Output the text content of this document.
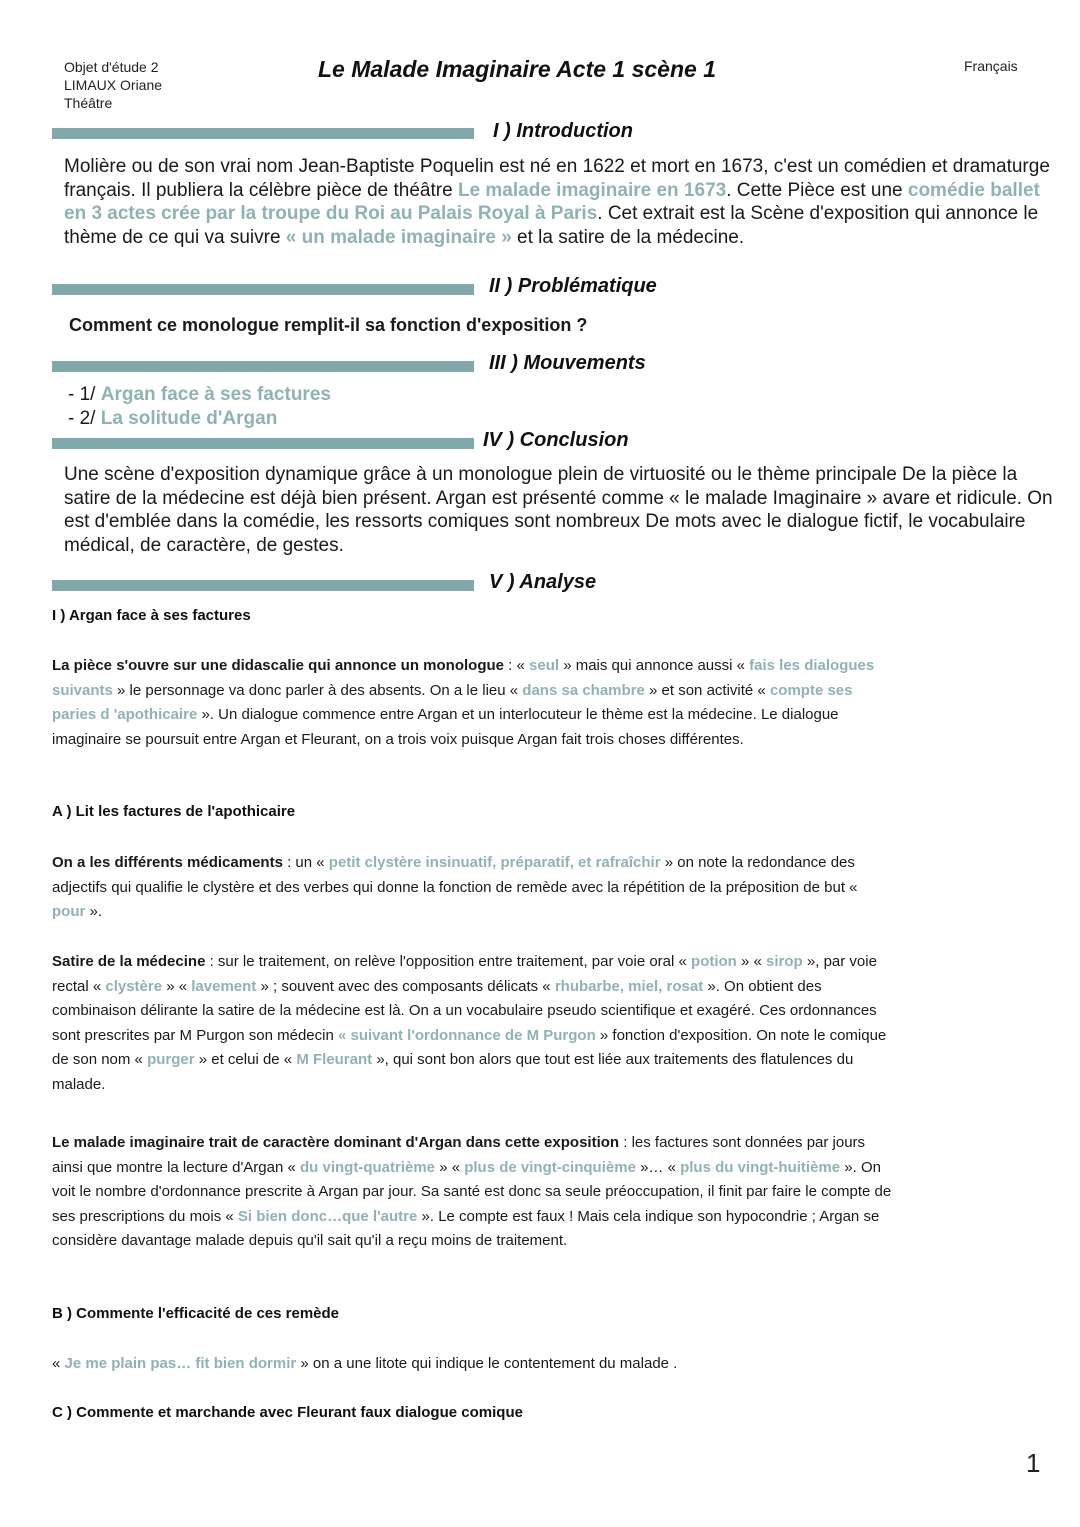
Objet d'étude 2
LIMAUX Oriane
Théâtre
Le Malade Imaginaire Acte 1 scène 1	Français
I ) Introduction
Molière ou de son vrai nom Jean-Baptiste Poquelin est né en 1622 et mort en 1673, c'est un comédien et dramaturge français. Il publiera la célèbre pièce de théâtre Le malade imaginaire en 1673. Cette Pièce est une comédie ballet en 3 actes crée par la troupe du Roi au Palais Royal à Paris. Cet extrait est la Scène d'exposition qui annonce le thème de ce qui va suivre « un malade imaginaire » et la satire de la médecine.
II ) Problématique
Comment ce monologue remplit-il sa fonction d'exposition ?
III ) Mouvements
- 1/ Argan face à ses factures
- 2/ La solitude d'Argan
IV ) Conclusion
Une scène d'exposition dynamique grâce à un monologue plein de virtuosité ou le thème principale De la pièce la satire de la médecine est déjà bien présent. Argan est présenté comme « le malade Imaginaire » avare et ridicule. On est d'emblée dans la comédie, les ressorts comiques sont nombreux De mots avec le dialogue fictif, le vocabulaire médical, de caractère, de gestes.
V ) Analyse
I ) Argan face à ses factures
La pièce s'ouvre sur une didascalie qui annonce un monologue : « seul » mais qui annonce aussi « fais les dialogues suivants » le personnage va donc parler à des absents. On a le lieu « dans sa chambre » et son activité « compte ses paries d 'apothicaire ». Un dialogue commence entre Argan et un interlocuteur le thème est la médecine. Le dialogue imaginaire se poursuit entre Argan et Fleurant, on a trois voix puisque Argan fait trois choses différentes.
A ) Lit les factures de l'apothicaire
On a les différents médicaments : un « petit clystère insinuatif, préparatif, et rafraîchir » on note la redondance des adjectifs qui qualifie le clystère et des verbes qui donne la fonction de remède avec la répétition de la préposition de but « pour ».
Satire de la médecine : sur le traitement, on relève l'opposition entre traitement, par voie oral « potion » « sirop », par voie rectal « clystère » « lavement » ; souvent avec des composants délicats « rhubarbe, miel, rosat ». On obtient des combinaison délirante la satire de la médecine est là. On a un vocabulaire pseudo scientifique et exagéré. Ces ordonnances sont prescrites par M Purgon son médecin « suivant l'ordonnance de M Purgon » fonction d'exposition. On note le comique de son nom « purger » et celui de « M Fleurant », qui sont bon alors que tout est liée aux traitements des flatulences du malade.
Le malade imaginaire trait de caractère dominant d'Argan dans cette exposition : les factures sont données par jours ainsi que montre la lecture d'Argan « du vingt-quatrième » « plus de vingt-cinquième »… « plus du vingt-huitième ». On voit le nombre d'ordonnance prescrite à Argan par jour. Sa santé est donc sa seule préoccupation, il finit par faire le compte de ses prescriptions du mois « Si bien donc…que l'autre ». Le compte est faux ! Mais cela indique son hypocondrie ; Argan se considère davantage malade depuis qu'il sait qu'il a reçu moins de traitement.
B ) Commente l'efficacité de ces remède
« Je me plain pas… fit bien dormir » on a une litote qui indique le contentement du malade .
C ) Commente et marchande avec Fleurant faux dialogue comique
1
